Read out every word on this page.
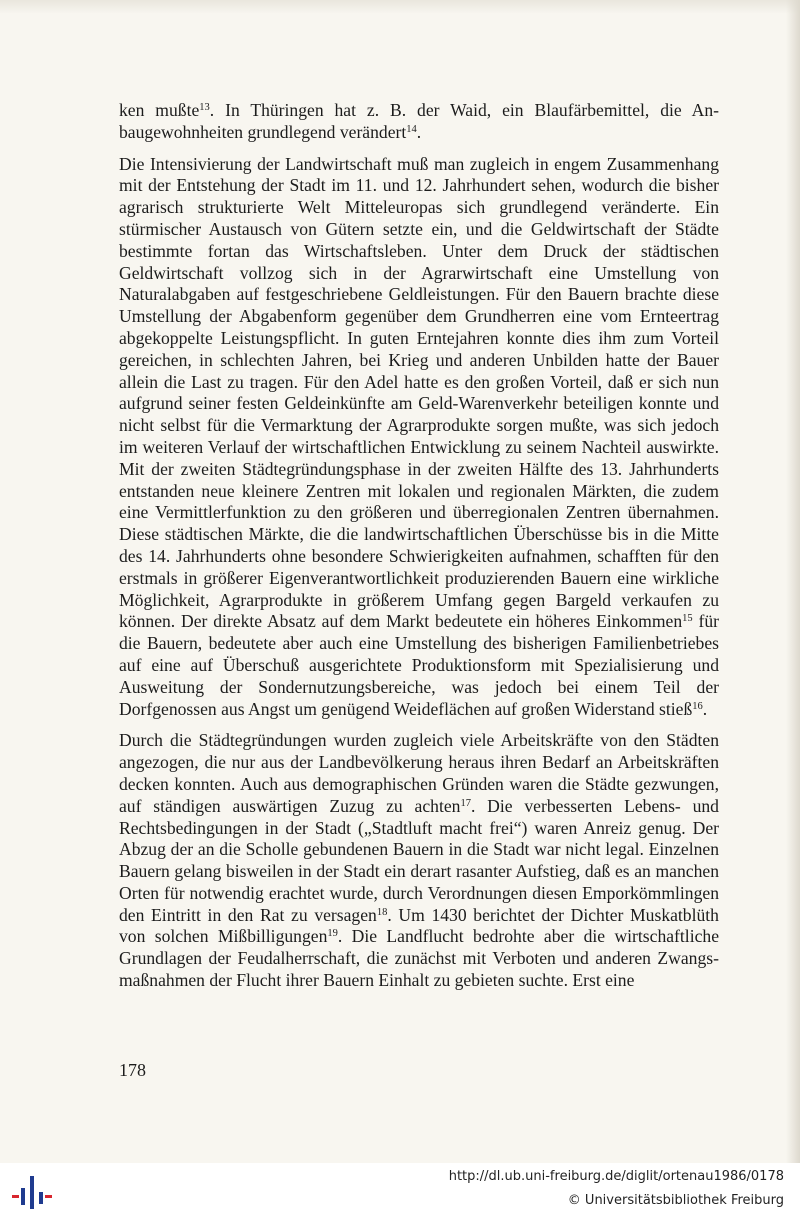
ken mußte$^{13}$. In Thüringen hat z. B. der Waid, ein Blaufärbemittel, die Anbaugewohnheiten grundlegend verändert$^{14}$.

Die Intensivierung der Landwirtschaft muß man zugleich in engem Zusammenhang mit der Entstehung der Stadt im 11. und 12. Jahrhundert sehen, wodurch die bisher agrarisch strukturierte Welt Mitteleuropas sich grundlegend veränderte. Ein stürmischer Austausch von Gütern setzte ein, und die Geldwirtschaft der Städte bestimmte fortan das Wirtschaftsleben. Unter dem Druck der städtischen Geldwirtschaft vollzog sich in der Agrarwirtschaft eine Umstellung von Naturalabgaben auf festgeschriebene Geldleistungen. Für den Bauern brachte diese Umstellung der Abgabenform gegenüber dem Grundherren eine vom Ernteertrag abgekoppelte Leistungspflicht. In guten Erntejahren konnte dies ihm zum Vorteil gereichen, in schlechten Jahren, bei Krieg und anderen Unbilden hatte der Bauer allein die Last zu tragen. Für den Adel hatte es den großen Vorteil, daß er sich nun aufgrund seiner festen Geldeinkünfte am Geld-Warenverkehr beteiligen konnte und nicht selbst für die Vermarktung der Agrarprodukte sorgen mußte, was sich jedoch im weiteren Verlauf der wirtschaftlichen Entwicklung zu seinem Nachteil auswirkte. Mit der zweiten Städtegründungsphase in der zweiten Hälfte des 13. Jahrhunderts entstanden neue kleinere Zentren mit lokalen und regionalen Märkten, die zudem eine Vermittlerfunktion zu den größeren und überregionalen Zentren übernahmen. Diese städtischen Märkte, die die landwirtschaftlichen Überschüsse bis in die Mitte des 14. Jahrhunderts ohne besondere Schwierigkeiten aufnahmen, schafften für den erstmals in größerer Eigenverantwortlichkeit produzierenden Bauern eine wirkliche Möglichkeit, Agrarprodukte in größerem Umfang gegen Bargeld verkaufen zu können. Der direkte Absatz auf dem Markt bedeutete ein höheres Einkommen$^{15}$ für die Bauern, bedeutete aber auch eine Umstellung des bisherigen Familienbetriebes auf eine auf Überschuß ausgerichtete Produktionsform mit Spezialisierung und Ausweitung der Sondernutzungsbereiche, was jedoch bei einem Teil der Dorfgenossen aus Angst um genügend Weideflächen auf großen Widerstand stieß$^{16}$.

Durch die Städtegründungen wurden zugleich viele Arbeitskräfte von den Städten angezogen, die nur aus der Landbevölkerung heraus ihren Bedarf an Arbeitskräften decken konnten. Auch aus demographischen Gründen waren die Städte gezwungen, auf ständigen auswärtigen Zuzug zu achten$^{17}$. Die verbesserten Lebens- und Rechtsbedingungen in der Stadt („Stadtluft macht frei“) waren Anreiz genug. Der Abzug der an die Scholle gebundenen Bauern in die Stadt war nicht legal. Einzelnen Bauern gelang bisweilen in der Stadt ein derart rasanter Aufstieg, daß es an manchen Orten für notwendig erachtet wurde, durch Verordnungen diesen Emporkömmlingen den Eintritt in den Rat zu versagen$^{18}$. Um 1430 berichtet der Dichter Muskatblüth von solchen Mißbilligungen$^{19}$. Die Landflucht bedrohte aber die wirtschaftliche Grundlagen der Feudalherrschaft, die zunächst mit Verboten und anderen Zwangsmaßnahmen der Flucht ihrer Bauern Einhalt zu gebieten suchte. Erst eine

178
http://dl.ub.uni-freiburg.de/diglit/ortenau1986/0178
© Universitätsbibliothek Freiburg
